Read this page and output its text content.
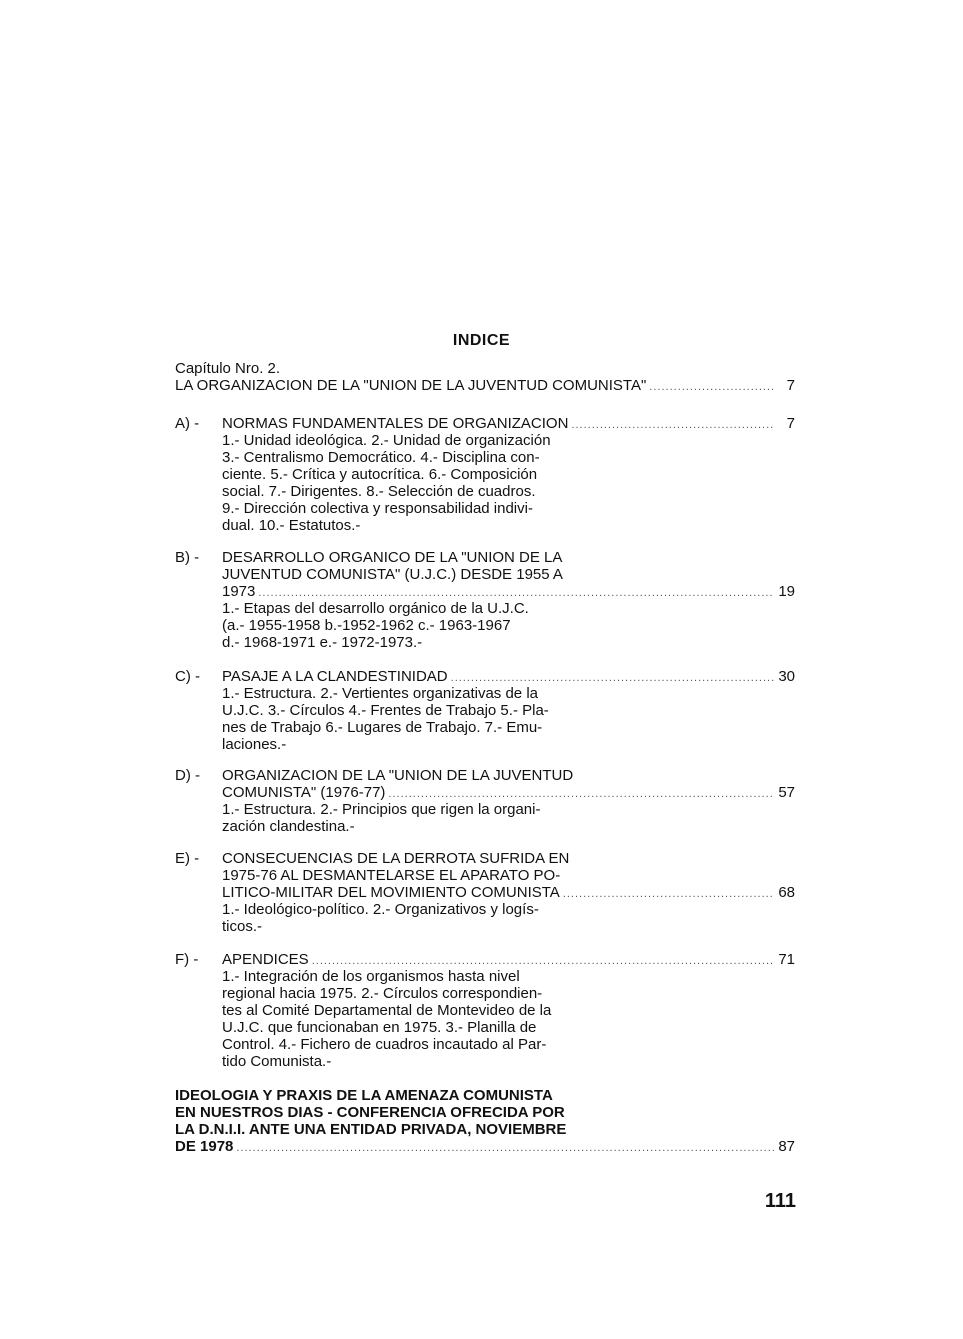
INDICE
Capítulo Nro. 2.
LA ORGANIZACION DE LA "UNION DE LA JUVENTUD COMUNISTA" .....	7
A) -	NORMAS FUNDAMENTALES DE ORGANIZACION .....	7
1.- Unidad ideológica. 2.- Unidad de organización
3.- Centralismo Democrático. 4.- Disciplina con-
ciente. 5.- Crítica y autocrítica. 6.- Composición
social. 7.- Dirigentes. 8.- Selección de cuadros.
9.- Dirección colectiva y responsabilidad indivi-
dual. 10.- Estatutos.-
B) -	DESARROLLO ORGANICO DE LA "UNION DE LA
JUVENTUD COMUNISTA" (U.J.C.) DESDE 1955 A
1973 .....	19
1.- Etapas del desarrollo orgánico de la U.J.C.
(a.- 1955-1958 b.-1952-1962 c.- 1963-1967
d.- 1968-1971 e.- 1972-1973.-
C) -	PASAJE A LA CLANDESTINIDAD .....	30
1.- Estructura. 2.- Vertientes organizativas de la
U.J.C. 3.- Círculos 4.- Frentes de Trabajo 5.- Pla-
nes de Trabajo 6.- Lugares de Trabajo. 7.- Emu-
laciones.-
D) -	ORGANIZACION DE LA "UNION DE LA JUVENTUD
COMUNISTA" (1976-77) .....	57
1.- Estructura. 2.- Principios que rigen la organi-
zación clandestina.-
E) -	CONSECUENCIAS DE LA DERROTA SUFRIDA EN
1975-76 AL DESMANTELARSE EL APARATO PO-
LITICO-MILITAR DEL MOVIMIENTO COMUNISTA .....	68
1.- Ideológico-político. 2.- Organizativos y logís-
ticos.-
F) -	APENDICES .....	71
1.- Integración de los organismos hasta nivel
regional hacia 1975. 2.- Círculos correspondien-
tes al Comité Departamental de Montevideo de la
U.J.C. que funcionaban en 1975. 3.- Planilla de
Control. 4.- Fichero de cuadros incautado al Par-
tido Comunista.-
IDEOLOGIA Y PRAXIS DE LA AMENAZA COMUNISTA
EN NUESTROS DIAS - CONFERENCIA OFRECIDA POR
LA D.N.I.I. ANTE UNA ENTIDAD PRIVADA, NOVIEMBRE
DE 1978 .....	87
111
